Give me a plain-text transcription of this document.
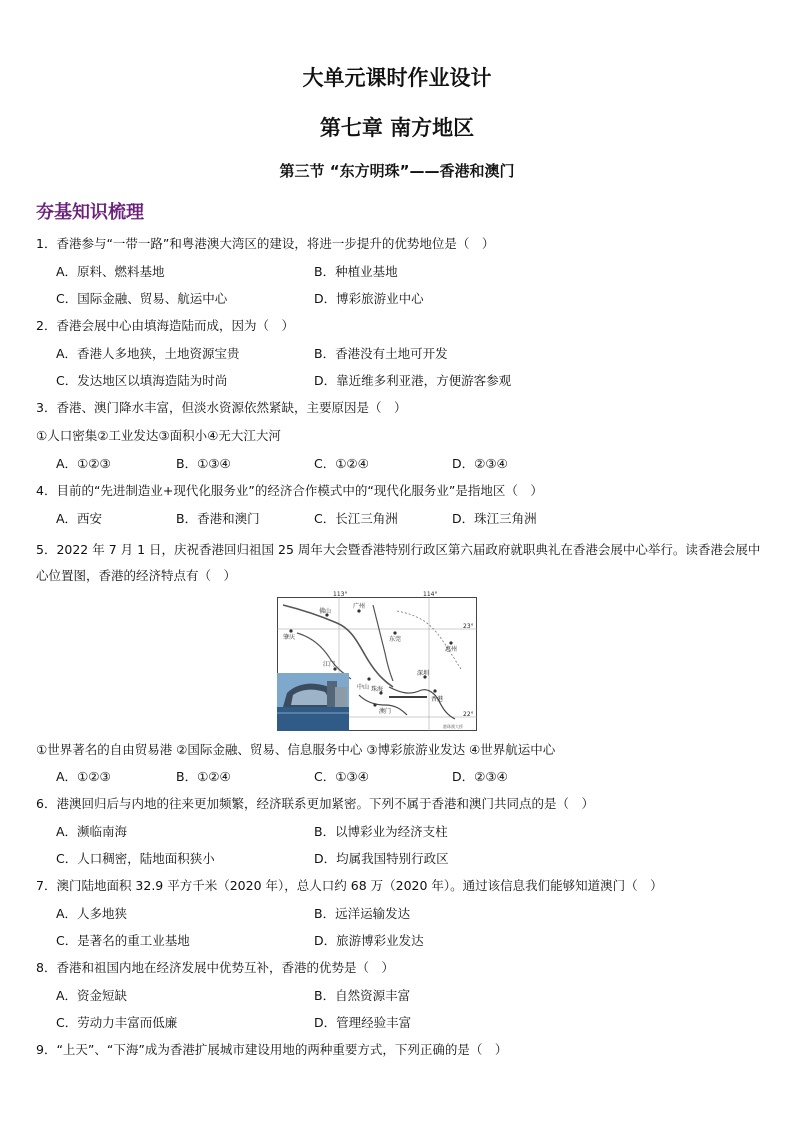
大单元课时作业设计
第七章 南方地区
第三节 “东方明珠”——香港和澳门
夯基知识梳理
1．香港参与“一带一路”和粤港澳大湾区的建设，将进一步提升的优势地位是（　）
A．原料、燃料基地	B．种植业基地
C．国际金融、贸易、航运中心	D．博彩旅游业中心
2．香港会展中心由填海造陆而成，因为（　）
A．香港人多地狭，土地资源宝贵	B．香港没有土地可开发
C．发达地区以填海造陆为时尚	D．靠近维多利亚港，方便游客参观
3．香港、澳门降水丰富，但淡水资源依然紧缺，主要原因是（　）
①人口密集②工业发达③面积小④无大江大河
A．①②③	B．①③④	C．①②④	D．②③④
4．目前的“先进制造业+现代化服务业”的经济合作模式中的“现代化服务业”是指地区（　）
A．西安	B．香港和澳门	C．长江三角洲	D．珠江三角洲
5．2022 年 7 月 1 日，庆祝香港回归祖国 25 周年大会暨香港特别行政区第六届政府就职典礼在香港会展中心举行。读香港会展中心位置图，香港的经济特点有（　）
113°	114°
23°
22°
佛山
广州
肇庆	东莞
惠州
江门
中山 珠海
澳门
深圳
香港
港珠澳大桥
①世界著名的自由贸易港 ②国际金融、贸易、信息服务中心 ③博彩旅游业发达 ④世界航运中心
A．①②③	B．①②④	C．①③④	D．②③④
6．港澳回归后与内地的往来更加频繁，经济联系更加紧密。下列不属于香港和澳门共同点的是（　）
A．濒临南海	B．以博彩业为经济支柱
C．人口稠密，陆地面积狭小	D．均属我国特别行政区
7．澳门陆地面积 32.9 平方千米（2020 年），总人口约 68 万（2020 年）。通过该信息我们能够知道澳门（　）
A．人多地狭	B．远洋运输发达
C．是著名的重工业基地	D．旅游博彩业发达
8．香港和祖国内地在经济发展中优势互补，香港的优势是（　）
A．资金短缺	B．自然资源丰富
C．劳动力丰富而低廉	D．管理经验丰富
9．“上天”、“下海”成为香港扩展城市建设用地的两种重要方式，下列正确的是（　）
